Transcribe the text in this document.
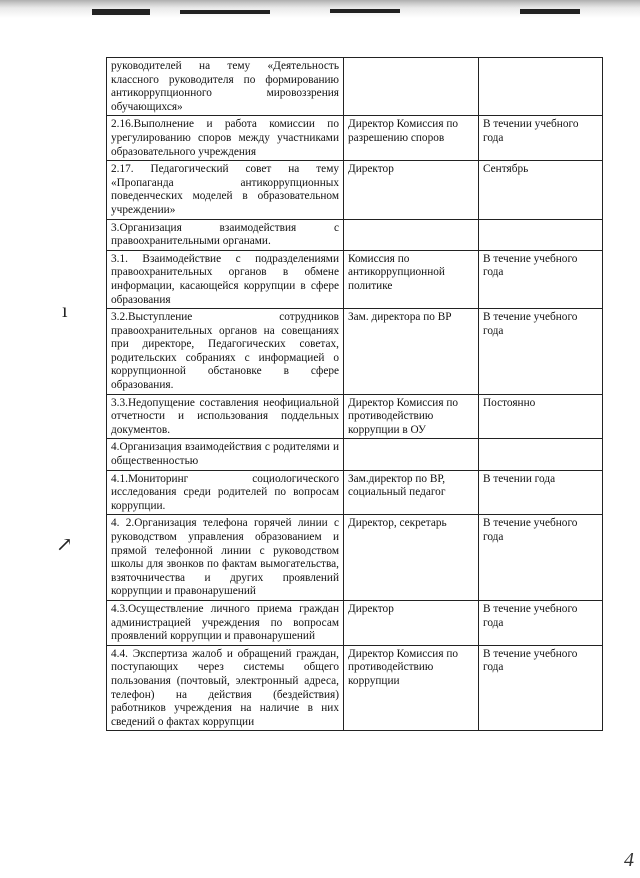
ı
↗
руководителей на тему «Деятельность классного руководителя по формированию антикоррупционного мировоззрения обучающихся»		
2.16.Выполнение и работа комиссии по урегулированию споров между участниками образовательного учреждения	Директор Комиссия по разрешению споров	В течении учебного года
2.17. Педагогический совет на тему «Пропаганда антикоррупционных поведенческих моделей в образовательном учреждении»	Директор	Сентябрь
3.Организация взаимодействия с правоохранительными органами.		
3.1. Взаимодействие с подразделениями правоохранительных органов в обмене информации, касающейся коррупции в сфере образования	Комиссия по антикоррупционной политике	В течение учебного года
3.2.Выступление сотрудников правоохранительных органов на совещаниях при директоре, Педагогических советах, родительских собраниях с информацией о коррупционной обстановке в сфере образования.	Зам. директора по ВР	В течение учебного года
3.3.Недопущение составления неофициальной отчетности и использования поддельных документов.	Директор Комиссия по противодействию коррупции в ОУ	Постоянно
4.Организация взаимодействия с родителями и общественностью		
4.1.Мониторинг социологического исследования среди родителей по вопросам коррупции.	Зам.директор по ВР, социальный педагог	В течении года
4. 2.Организация телефона горячей линии с руководством управления образованием и прямой телефонной линии с руководством школы для звонков по фактам вымогательства, взяточничества и других проявлений коррупции и правонарушений	Директор, секретарь	В течение учебного года
4.3.Осуществление личного приема граждан администрацией учреждения по вопросам проявлений коррупции и правонарушений	Директор	В течение учебного года
4.4. Экспертиза жалоб и обращений граждан, поступающих через системы общего пользования (почтовый, электронный адреса, телефон) на действия (бездействия) работников учреждения на наличие в них сведений о фактах коррупции	Директор Комиссия по противодействию коррупции	В течение учебного года
4
